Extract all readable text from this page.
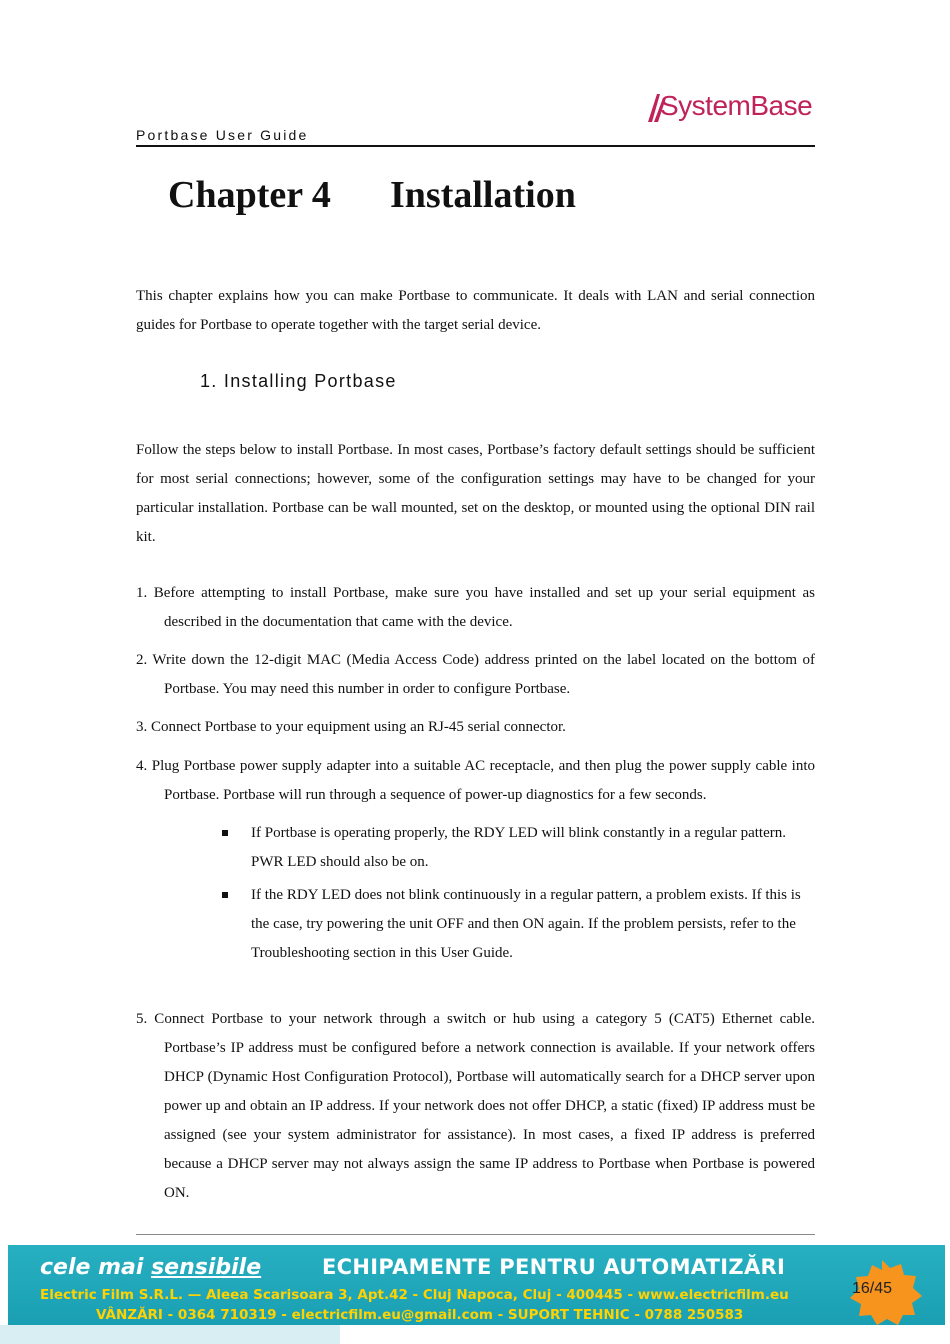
SystemBase
Portbase User Guide
Chapter 4 Installation
This chapter explains how you can make Portbase to communicate. It deals with LAN and serial connection guides for Portbase to operate together with the target serial device.
1. Installing Portbase
Follow the steps below to install Portbase. In most cases, Portbase’s factory default settings should be sufficient for most serial connections; however, some of the configuration settings may have to be changed for your particular installation. Portbase can be wall mounted, set on the desktop, or mounted using the optional DIN rail kit.
1. Before attempting to install Portbase, make sure you have installed and set up your serial equipment as described in the documentation that came with the device.
2. Write down the 12-digit MAC (Media Access Code) address printed on the label located on the bottom of Portbase. You may need this number in order to configure Portbase.
3. Connect Portbase to your equipment using an RJ-45 serial connector.
4. Plug Portbase power supply adapter into a suitable AC receptacle, and then plug the power supply cable into Portbase. Portbase will run through a sequence of power-up diagnostics for a few seconds.
If Portbase is operating properly, the RDY LED will blink constantly in a regular pattern. PWR LED should also be on.
If the RDY LED does not blink continuously in a regular pattern, a problem exists. If this is the case, try powering the unit OFF and then ON again. If the problem persists, refer to the Troubleshooting section in this User Guide.
5. Connect Portbase to your network through a switch or hub using a category 5 (CAT5) Ethernet cable. Portbase’s IP address must be configured before a network connection is available. If your network offers DHCP (Dynamic Host Configuration Protocol), Portbase will automatically search for a DHCP server upon power up and obtain an IP address. If your network does not offer DHCP, a static (fixed) IP address must be assigned (see your system administrator for assistance). In most cases, a fixed IP address is preferred because a DHCP server may not always assign the same IP address to Portbase when Portbase is powered ON.
cele mai sensibile	ECHIPAMENTE PENTRU AUTOMATIZĂRI
Electric Film S.R.L. — Aleea Scarisoara 3, Apt.42 - Cluj Napoca, Cluj - 400445 - www.electricfilm.eu
VÂNZĂRI - 0364 710319 - electricfilm.eu@gmail.com - SUPORT TEHNIC - 0788 250583
16/45
